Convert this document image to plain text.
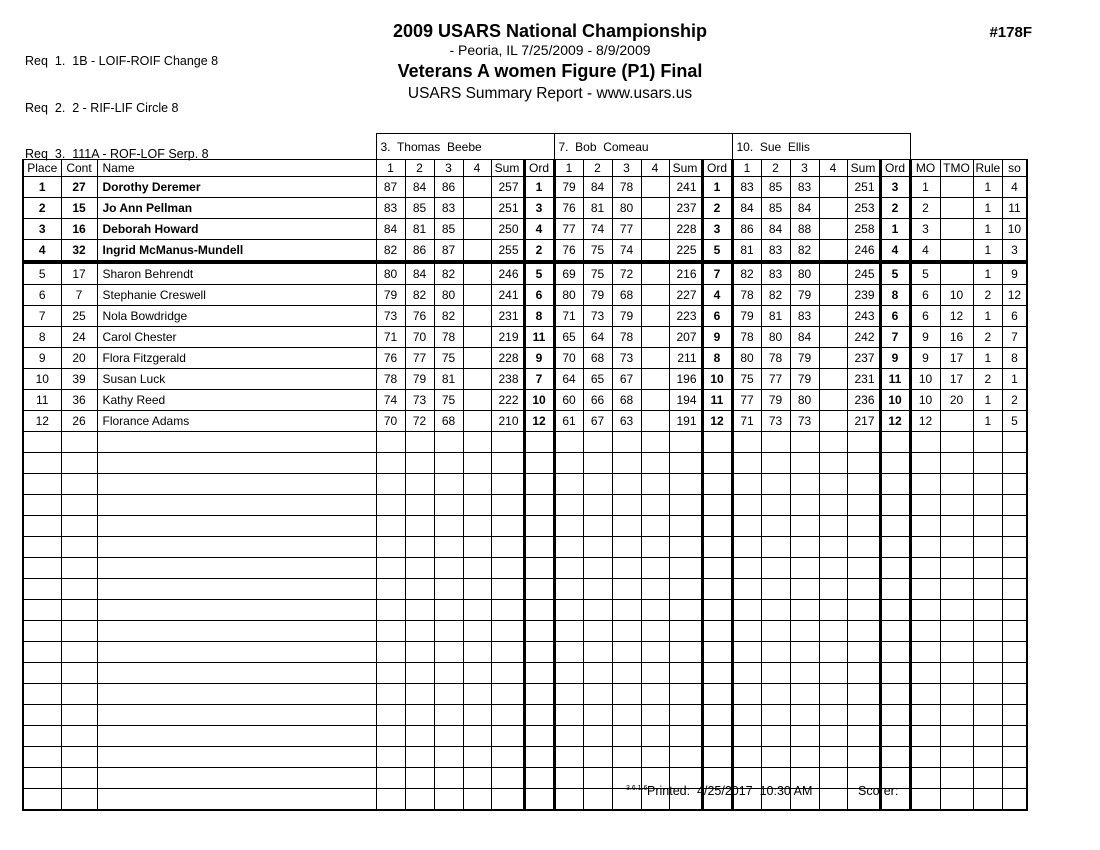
Req  1.  1B - LOIF-ROIF Change 8

Req  2.  2 - RIF-LIF Circle 8

Req  3.  111A - ROF-LOF Serp. 8

2009 USARS National Championship
- Peoria, IL 7/25/2009 - 8/9/2009
Veterans A women Figure (P1) Final
USARS Summary Report - www.usars.us
#178F
			3.  Thomas  Beebe						7.  Bob  Comeau						10.  Sue  Ellis									
Place	Cont	Name	1	2	3	4	Sum	Ord	1	2	3	4	Sum	Ord	1	2	3	4	Sum	Ord	MO	TMO	Rule	so
1	27	Dorothy Deremer	87	84	86		257	1	79	84	78		241	1	83	85	83		251	3	1		1	4
2	15	Jo Ann Pellman	83	85	83		251	3	76	81	80		237	2	84	85	84		253	2	2		1	11
3	16	Deborah Howard	84	81	85		250	4	77	74	77		228	3	86	84	88		258	1	3		1	10
4	32	Ingrid McManus-Mundell	82	86	87		255	2	76	75	74		225	5	81	83	82		246	4	4		1	3
5	17	Sharon Behrendt	80	84	82		246	5	69	75	72		216	7	82	83	80		245	5	5		1	9
6	7	Stephanie Creswell	79	82	80		241	6	80	79	68		227	4	78	82	79		239	8	6	10	2	12
7	25	Nola Bowdridge	73	76	82		231	8	71	73	79		223	6	79	81	83		243	6	6	12	1	6
8	24	Carol Chester	71	70	78		219	11	65	64	78		207	9	78	80	84		242	7	9	16	2	7
9	20	Flora Fitzgerald	76	77	75		228	9	70	68	73		211	8	80	78	79		237	9	9	17	1	8
10	39	Susan Luck	78	79	81		238	7	64	65	67		196	10	75	77	79		231	11	10	17	2	1
11	36	Kathy Reed	74	73	75		222	10	60	66	68		194	11	77	79	80		236	10	10	20	1	2
12	26	Florance Adams	70	72	68		210	12	61	67	63		191	12	71	73	73		217	12	12		1	5

3.6.1.6 Printed:  4/25/2017  10:30 AM	Scorer:
